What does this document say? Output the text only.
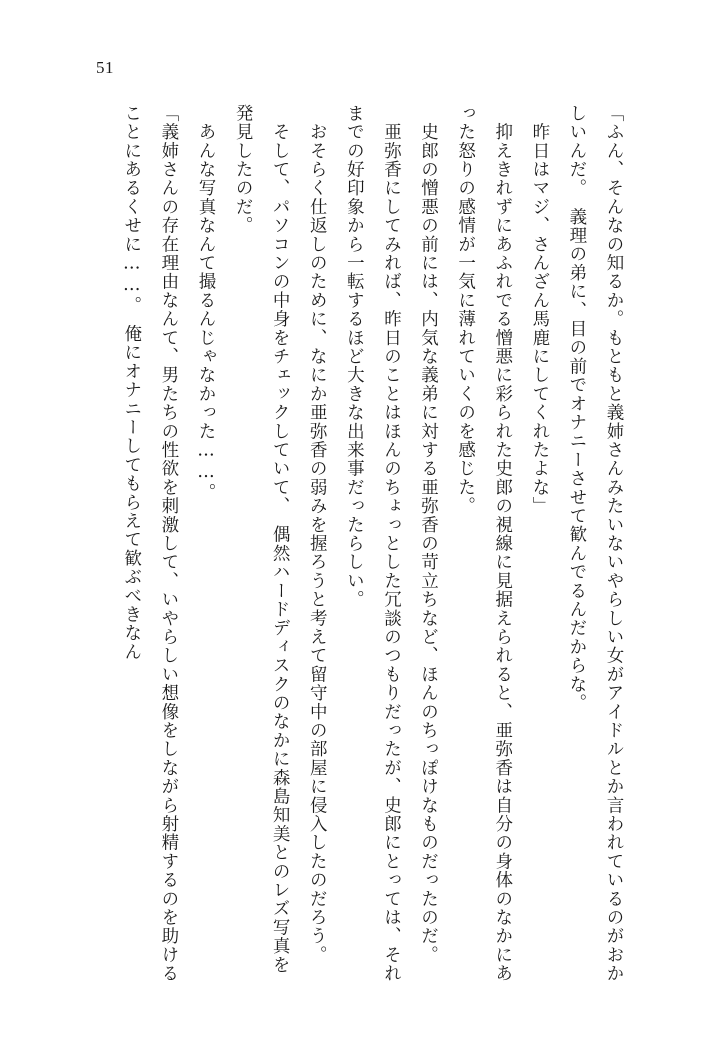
51

「ふん、そんなの知るか。もともと義姉さんみたいないやらしい女がアイドルとか言われているのがおかしいんだ。　義理の弟に、目の前でオナニーさせて歓んでるんだからな。

　昨日はマジ、さんざん馬鹿にしてくれたよな」

　抑えきれずにあふれでる憎悪に彩られた史郎の視線に見据えられると、亜弥香は自分の身体のなかにあった怒りの感情が一気に薄れていくのを感じた。

　史郎の憎悪の前には、内気な義弟に対する亜弥香の苛立ちなど、ほんのちっぽけなものだったのだ。

　亜弥香にしてみれば、昨日のことはほんのちょっとした冗談のつもりだったが、史郎にとっては、それまでの好印象から一転するほど大きな出来事だったらしい。

　おそらく仕返しのために、なにか亜弥香の弱みを握ろうと考えて留守中の部屋に侵入したのだろう。

　そして、パソコンの中身をチェックしていて、　偶然ハードディスクのなかに森島知美とのレズ写真を発見したのだ。

　あんな写真なんて撮るんじゃなかった……。

「義姉さんの存在理由なんて、男たちの性欲を刺激して、いやらしい想像をしながら射精するのを助けることにあるくせに……。　俺にオナニーしてもらえて歓ぶべきなん
